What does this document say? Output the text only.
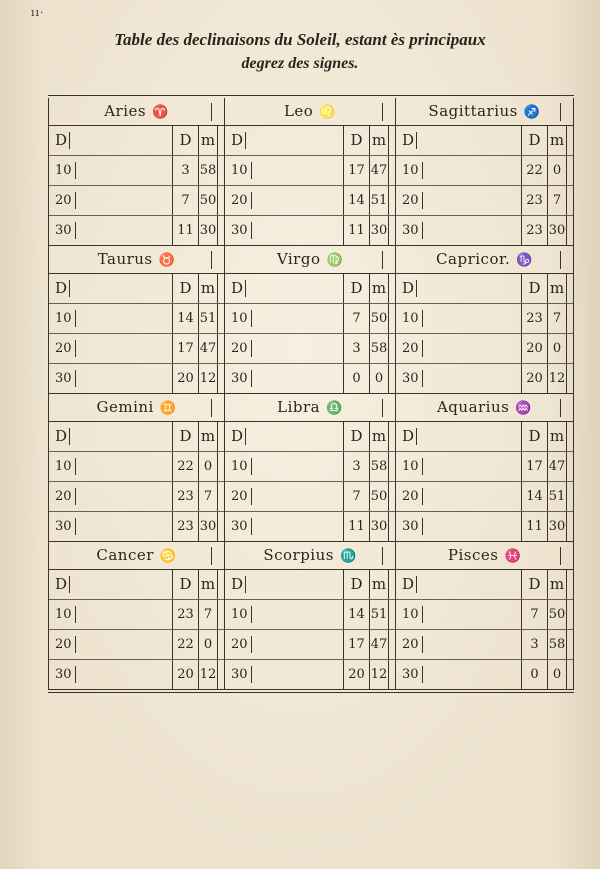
ıı·
Table des declinaisons du Soleil, estant ès principaux
degrez des signes.
Aries ♈
D	D m
10	3 58
20	7 50
30	11 30
Leo ♌
D	D m
10	17 47
20	14 51
30	11 30
Sagittarius ♐
D	D m
10	22 0
20	23 7
30	23 30
Taurus ♉
D	D m
10	14 51
20	17 47
30	20 12
Virgo ♍
D	D m
10	7 50
20	3 58
30	0	0
Capricor. ♑
D	D m
10	23 7
20	20 0
30	20 12
Gemini ♊
D	D m
10	22 0
20	23 7
30	23 30
Libra ♎
D	D m
10	3 58
20	7 50
30	11 30
Aquarius ♒
D	D m
10	17 47
20	14 51
30	11 30
Cancer ♋
D	D m
10	23 7
20	22 0
30	20 12
Scorpius ♏
D	D m
10	14 51
20	17 47
30	20 12
Pisces ♓
D	D m
10	7 50
20	3 58
30	0	0
